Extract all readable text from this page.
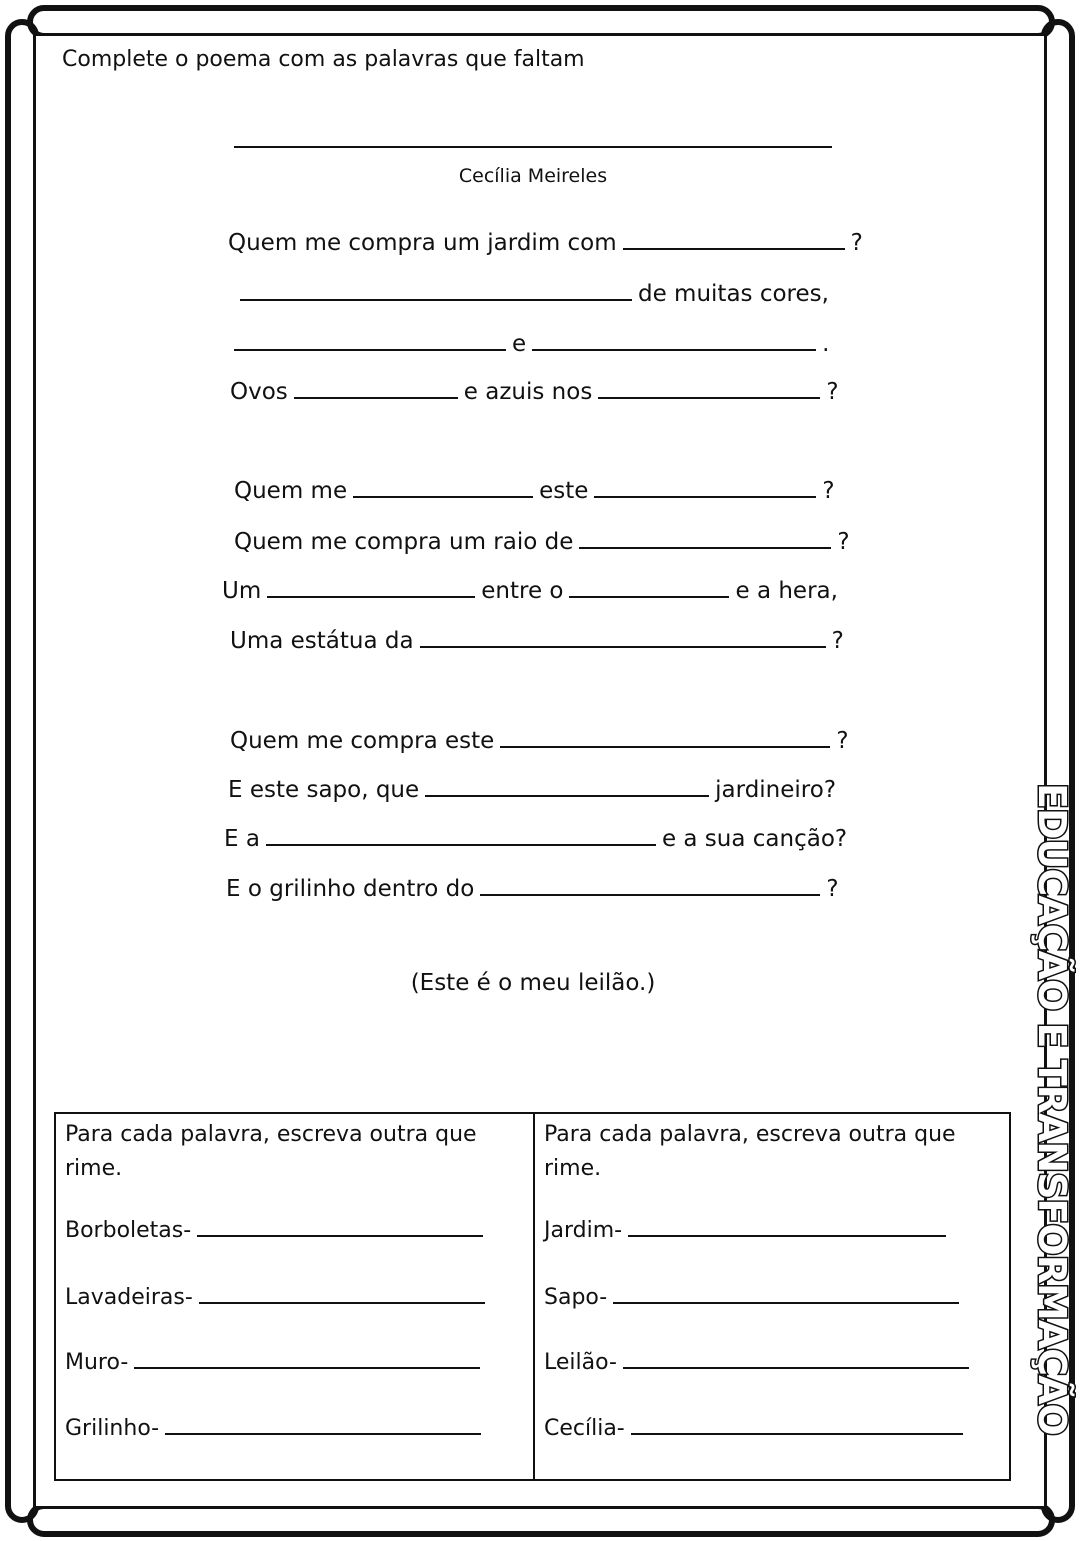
Complete o poema com as palavras que faltam
Cecília Meireles
Quem me compra um jardim com	?
de muitas cores,
e	.
Ovos	e azuis nos	?
Quem me	este	?
Quem me compra um raio de	?
Um	entre o	e a hera,
Uma estátua da	?
Quem me compra este	?
E este sapo, que	jardineiro?
E a	e a sua canção?
E o grilinho dentro do	?
(Este é o meu leilão.)
Para cada palavra, escreva outra que rime.
Borboletas-
Lavadeiras-
Muro-
Grilinho-
Para cada palavra, escreva outra que rime.
Jardim-
Sapo-
Leilão-
Cecília-	EDUCAÇÃO E TRANSFORMAÇÃO
